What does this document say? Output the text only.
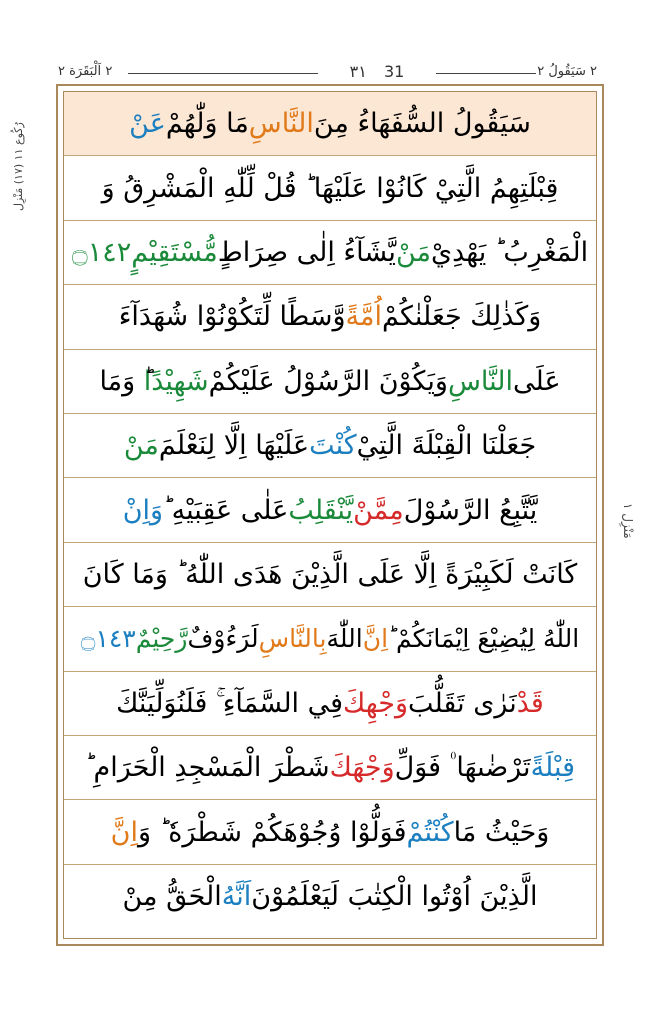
٢ اَلْبَقَرَة ٢	٣١ 31	٢ سَيَقُولُ ٢
رُكُوع ١١ (١٧) مَنْزِل
مَنْزِل ١
سَيَقُولُ السُّفَهَاءُ مِنَ
النَّاسِ
مَا وَلّٰهُمْ
عَنْ
قِبْلَتِهِمُ الَّتِيْ كَانُوْا عَلَيْهَا ؕ قُلْ لِّلّٰهِ الْمَشْرِقُ وَ
الْمَغْرِبُ ؕ يَهْدِيْ
مَنْ
يَّشَآءُ اِلٰى صِرَاطٍ
مُّسْتَقِيْمٍ
۝١٤٢
وَكَذٰلِكَ جَعَلْنٰكُمْ
اُمَّةً
وَّسَطًا لِّتَكُوْنُوْا شُهَدَآءَ
عَلَى
النَّاسِ
وَيَكُوْنَ الرَّسُوْلُ عَلَيْكُمْ
شَهِيْدًا
ؕ وَمَا
جَعَلْنَا الْقِبْلَةَ الَّتِيْ
كُنْتَ
عَلَيْهَا اِلَّا لِنَعْلَمَ
مَنْ
يَّتَّبِعُ الرَّسُوْلَ
مِمَّنْ
يَّنْقَلِبُ
عَلٰى عَقِبَيْهِ ؕ
وَاِنْ
كَانَتْ لَكَبِيْرَةً اِلَّا عَلَى الَّذِيْنَ هَدَى اللّٰهُ ؕ وَمَا كَانَ
اللّٰهُ لِيُضِيْعَ اِيْمَانَكُمْ ؕ
اِنَّ
اللّٰهَ
بِالنَّاسِ
لَرَءُوْفٌ
رَّحِيْمٌ
۝١٤٣
قَدْ
نَرٰى تَقَلُّبَ
وَجْهِكَ
فِي السَّمَآءِ ۚ فَلَنُوَلِّيَنَّكَ
قِبْلَةً
تَرْضٰىهَا ۠ فَوَلِّ
وَجْهَكَ
شَطْرَ الْمَسْجِدِ الْحَرَامِ ؕ
وَحَيْثُ مَا
كُنْتُمْ
فَوَلُّوْا وُجُوْهَكُمْ شَطْرَهٗ ؕ وَ
اِنَّ
الَّذِيْنَ اُوْتُوا الْكِتٰبَ لَيَعْلَمُوْنَ
اَنَّهُ
الْحَقُّ مِنْ
